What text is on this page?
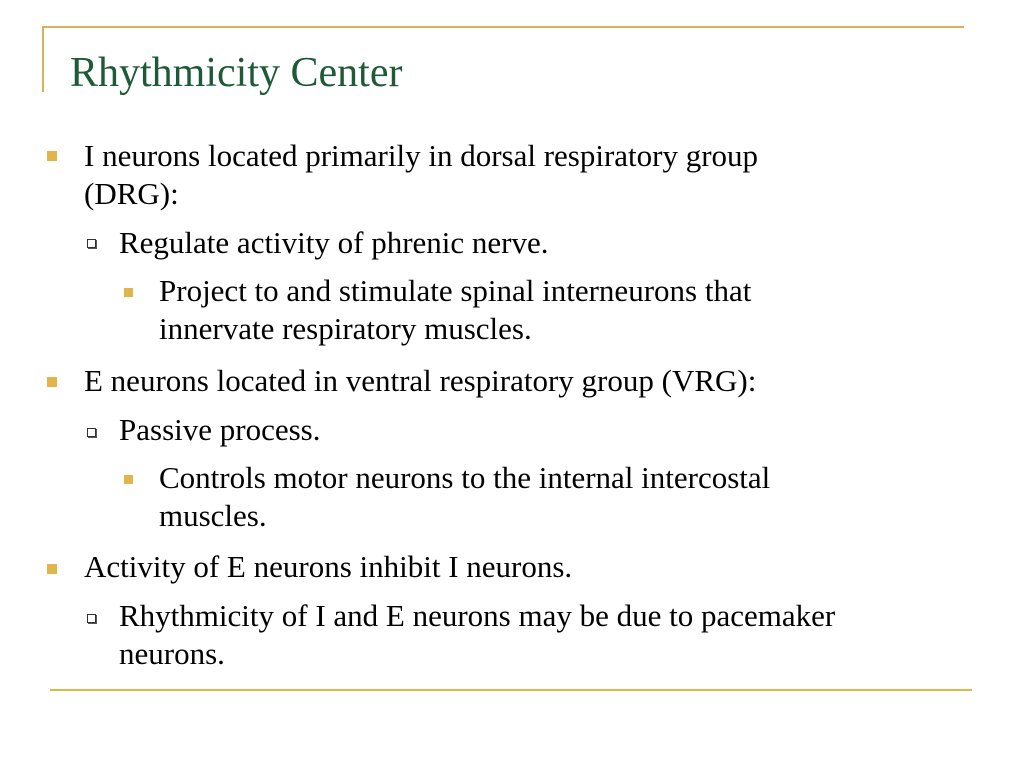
Rhythmicity Center
I neurons located primarily in dorsal respiratory group
(DRG):
Regulate activity of phrenic nerve.
Project to and stimulate spinal interneurons that
innervate respiratory muscles.
E neurons located in ventral respiratory group (VRG):
Passive process.
Controls motor neurons to the internal intercostal
muscles.
Activity of E neurons inhibit I neurons.
Rhythmicity of I and E neurons may be due to pacemaker
neurons.
